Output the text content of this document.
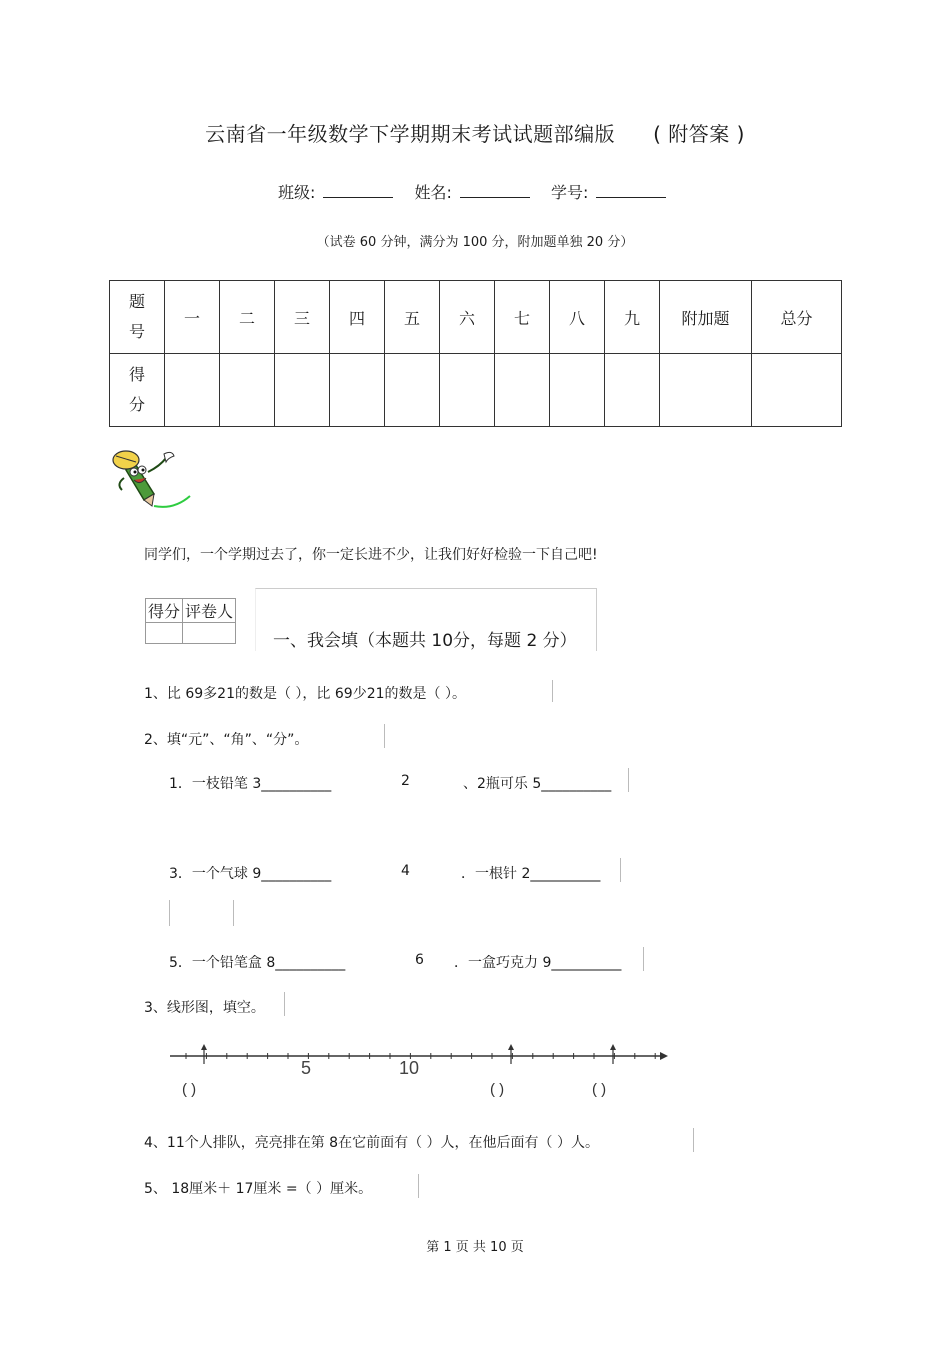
云南省一年级数学下学期期末考试试题部编版 ( 附答案 )
班级:	姓名:	学号:
（试卷 60 分钟，满分为 100 分，附加题单独 20 分）
题
号	一	二	三	四	五	六	七	八	九	附加题	总分
得
分											
同学们，一个学期过去了，你一定长进不少，让我们好好检验一下自己吧!
得分	评卷人

一、我会填（本题共 10分，每题 2 分）
1、比 69多21的数是（ ），比 69少21的数是（ ）。
2、填“元”、“角”、“分”。
1．一枝铅笔 3__________	2	、2瓶可乐 5__________
3．一个气球 9__________	4	．一根针 2__________
5．一个铅笔盒 8__________	6 ．一盒巧克力 9__________
3、线形图，填空。
5	10
( )	( )	( )
4、11个人排队，亮亮排在第 8在它前面有（ ）人，在他后面有（ ）人。
5、 18厘米＋ 17厘米 =（ ）厘米。
第 1 页 共 10 页
